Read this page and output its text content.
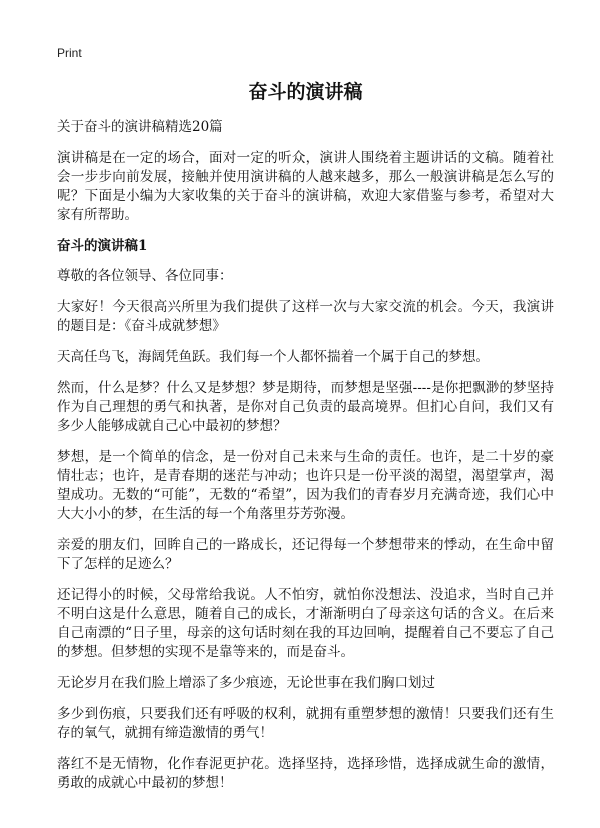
Print
奋斗的演讲稿

关于奋斗的演讲稿精选20篇

演讲稿是在一定的场合，面对一定的听众，演讲人围绕着主题讲话的文稿。随着社会一步步向前发展，接触并使用演讲稿的人越来越多，那么一般演讲稿是怎么写的呢？下面是小编为大家收集的关于奋斗的演讲稿，欢迎大家借鉴与参考，希望对大家有所帮助。

奋斗的演讲稿1

尊敬的各位领导、各位同事：

大家好！今天很高兴所里为我们提供了这样一次与大家交流的机会。今天，我演讲的题目是：《奋斗成就梦想》

天高任鸟飞，海阔凭鱼跃。我们每一个人都怀揣着一个属于自己的梦想。

然而，什么是梦？什么又是梦想？梦是期待，而梦想是坚强----是你把飘渺的梦坚持作为自己理想的勇气和执著，是你对自己负责的最高境界。但扪心自问，我们又有多少人能够成就自己心中最初的梦想？

梦想，是一个简单的信念，是一份对自己未来与生命的责任。也许，是二十岁的豪情壮志；也许，是青春期的迷茫与冲动；也许只是一份平淡的渴望，渴望掌声，渴望成功。无数的“可能”，无数的“希望”，因为我们的青春岁月充满奇迹，我们心中大大小小的梦，在生活的每一个角落里芬芳弥漫。

亲爱的朋友们，回眸自己的一路成长，还记得每一个梦想带来的悸动，在生命中留下了怎样的足迹么？

还记得小的时候，父母常给我说。人不怕穷，就怕你没想法、没追求，当时自己并不明白这是什么意思，随着自己的成长，才渐渐明白了母亲这句话的含义。在后来自己南漂的“日子里，母亲的这句话时刻在我的耳边回响，提醒着自己不要忘了自己的梦想。但梦想的实现不是靠等来的，而是奋斗。

无论岁月在我们脸上增添了多少痕迹，无论世事在我们胸口划过

多少到伤痕，只要我们还有呼吸的权利，就拥有重塑梦想的激情！只要我们还有生存的氧气，就拥有缔造激情的勇气！

落红不是无情物，化作春泥更护花。选择坚持，选择珍惜，选择成就生命的激情，勇敢的成就心中最初的梦想！
